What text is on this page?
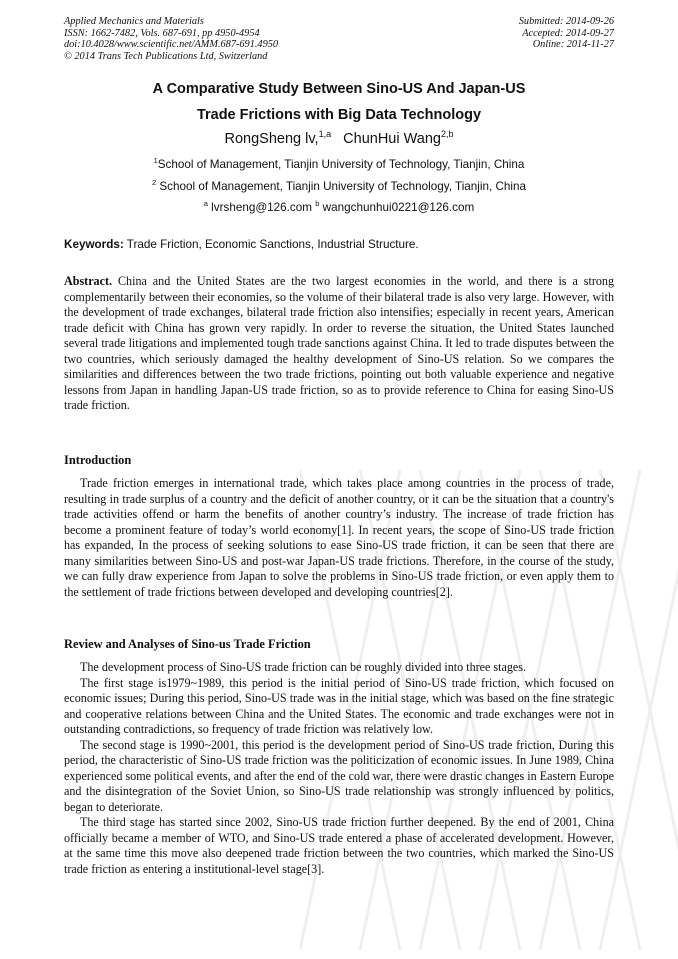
Applied Mechanics and Materials
ISSN: 1662-7482, Vols. 687-691, pp 4950-4954
doi:10.4028/www.scientific.net/AMM.687-691.4950
© 2014 Trans Tech Publications Ltd, Switzerland
Submitted: 2014-09-26
Accepted: 2014-09-27
Online: 2014-11-27
A Comparative Study Between Sino-US And Japan-US
Trade Frictions with Big Data Technology
RongSheng lv,$^{1,a}$ ChunHui Wang$^{2,b}$
$^1$School of Management, Tianjin University of Technology, Tianjin, China
$^2$ School of Management, Tianjin University of Technology, Tianjin, China
$^a$ lvrsheng@126.com $^b$ wangchunhui0221@126.com
Keywords: Trade Friction, Economic Sanctions, Industrial Structure.

Abstract. China and the United States are the two largest economies in the world, and there is a strong complementarily between their economies, so the volume of their bilateral trade is also very large. However, with the development of trade exchanges, bilateral trade friction also intensifies; especially in recent years, American trade deficit with China has grown very rapidly. In order to reverse the situation, the United States launched several trade litigations and implemented tough trade sanctions against China. It led to trade disputes between the two countries, which seriously damaged the healthy development of Sino-US relation. So we compares the similarities and differences between the two trade frictions, pointing out both valuable experience and negative lessons from Japan in handling Japan-US trade friction, so as to provide reference to China for easing Sino-US trade friction.

Introduction

Trade friction emerges in international trade, which takes place among countries in the process of trade, resulting in trade surplus of a country and the deficit of another country, or it can be the situation that a country's trade activities offend or harm the benefits of another country’s industry. The increase of trade friction has become a prominent feature of today’s world economy[1]. In recent years, the scope of Sino-US trade friction has expanded, In the process of seeking solutions to ease Sino-US trade friction, it can be seen that there are many similarities between Sino-US and post-war Japan-US trade frictions. Therefore, in the course of the study, we can fully draw experience from Japan to solve the problems in Sino-US trade friction, or even apply them to the settlement of trade frictions between developed and developing countries[2].

Review and Analyses of Sino-us Trade Friction

The development process of Sino-US trade friction can be roughly divided into three stages.

The first stage is1979~1989, this period is the initial period of Sino-US trade friction, which focused on economic issues; During this period, Sino-US trade was in the initial stage, which was based on the fine strategic and cooperative relations between China and the United States. The economic and trade exchanges were not in outstanding contradictions, so frequency of trade friction was relatively low.

The second stage is 1990~2001, this period is the development period of Sino-US trade friction, During this period, the characteristic of Sino-US trade friction was the politicization of economic issues. In June 1989, China experienced some political events, and after the end of the cold war, there were drastic changes in Eastern Europe and the disintegration of the Soviet Union, so Sino-US trade relationship was strongly influenced by politics, began to deteriorate.

The third stage has started since 2002, Sino-US trade friction further deepened. By the end of 2001, China officially became a member of WTO, and Sino-US trade entered a phase of accelerated development. However, at the same time this move also deepened trade friction between the two countries, which marked the Sino-US trade friction as entering a institutional-level stage[3].
